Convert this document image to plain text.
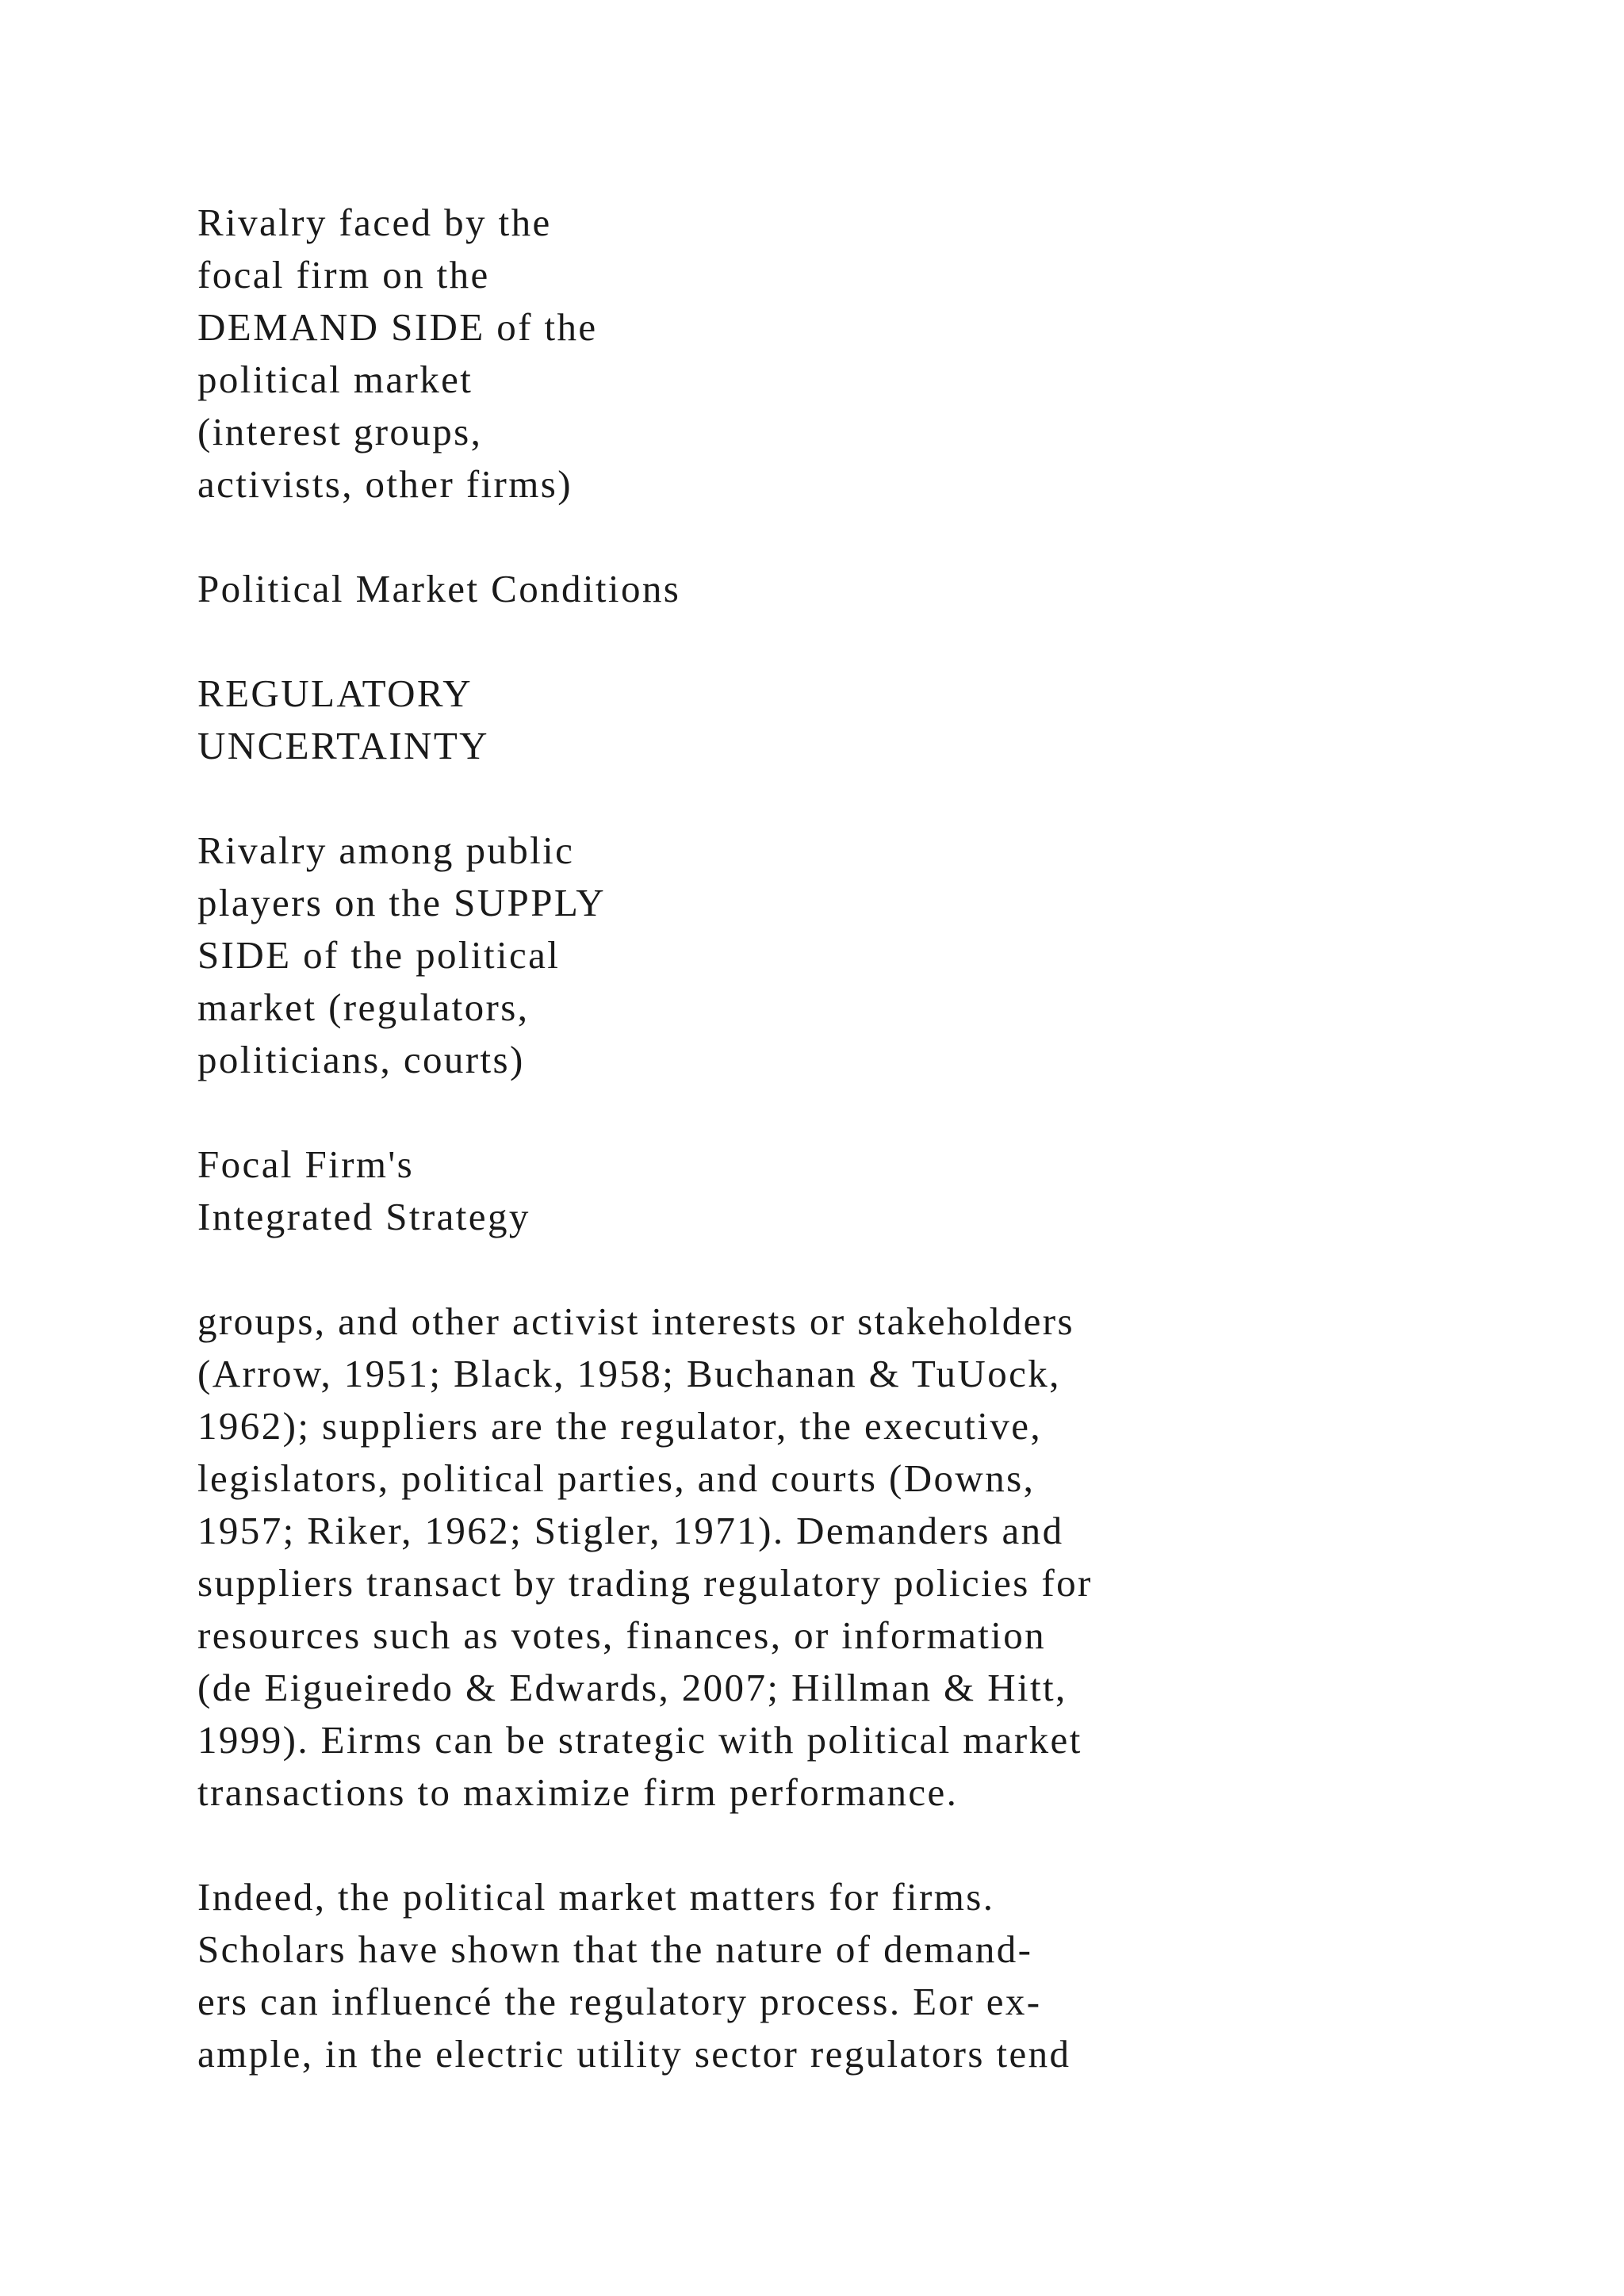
Rivalry faced by the
focal firm on the
DEMAND SIDE of the
political market
(interest groups,
activists, other firms)

Political Market Conditions

REGULATORY
UNCERTAINTY

Rivalry among public
players on the SUPPLY
SIDE of the political
market (regulators,
politicians, courts)

Focal Firm's
Integrated Strategy

groups, and other activist interests or stakeholders
(Arrow, 1951; Black, 1958; Buchanan & TuUock,
1962); suppliers are the regulator, the executive,
legislators, political parties, and courts (Downs,
1957; Riker, 1962; Stigler, 1971). Demanders and
suppliers transact by trading regulatory policies for
resources such as votes, finances, or information
(de Eigueiredo & Edwards, 2007; Hillman & Hitt,
1999). Eirms can be strategic with political market
transactions to maximize firm performance.

Indeed, the political market matters for firms.
Scholars have shown that the nature of demand-
ers can influencé the regulatory process. Eor ex-
ample, in the electric utility sector regulators tend
